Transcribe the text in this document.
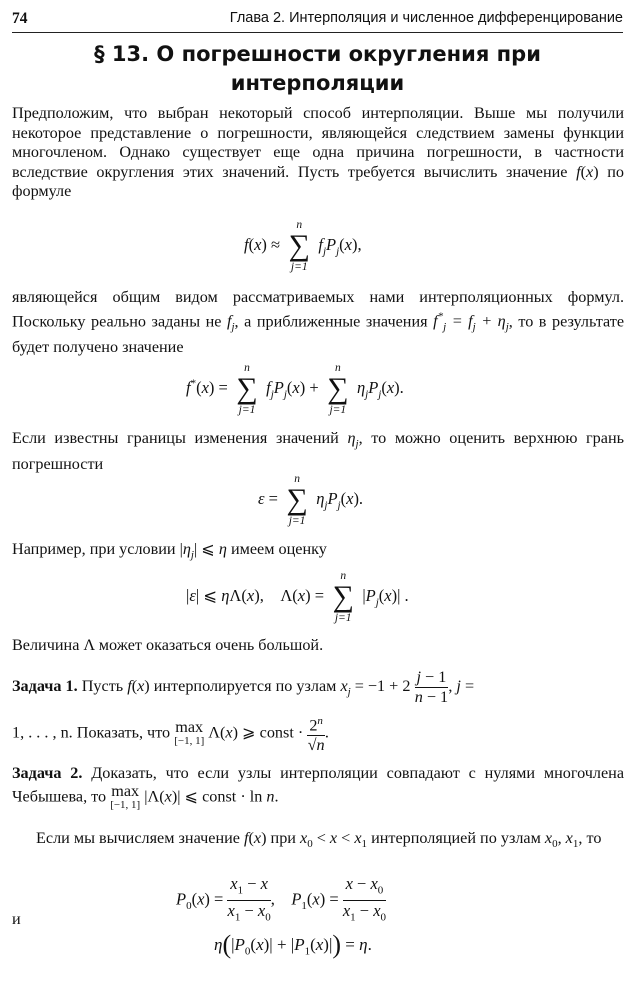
74	Глава 2. Интерполяция и численное дифференцирование
§ 13. О погрешности округления при
интерполяции
Предположим, что выбран некоторый способ интерполяции. Выше мы получили некоторое представление о погрешности, являющейся следствием замены функции многочленом. Однако существует еще одна причина погрешности, в частности вследствие округления этих значений. Пусть требуется вычислить значение f(x) по формуле
f(x) ≈
n
∑
j=1
$f_jP_j(x)$,
являющейся общим видом рассматриваемых нами интерполяционных формул. Поскольку реально заданы не $f_j$, а приближенные значения $f^*_j = f_j + \eta_j$, то в результате будет получено значение
f*(x) =
n
∑
j=1
$f_jP_j(x)$ +
n
∑
j=1
$\eta_jP_j(x)$.
Если известны границы изменения значений $\eta_j$, то можно оценить верхнюю грань погрешности
ε =
n
∑
j=1
$\eta_jP_j(x)$.
Например, при условии $|\eta_j|$ ⩽ η имеем оценку
|ε| ⩽ ηΛ(x),    Λ(x) =
n
∑
j=1
$|P_j(x)|$ .
Величина Λ может оказаться очень большой.
Задача 1. Пусть f(x) интерполируется по узлам $x_j = -1 + 2 \frac{j - 1}{n - 1}$ , j =
1, . . . , n. Показать, что max
[−1, 1] Λ(x) ⩾ const · $\frac{2^n}{√n}$ .
Задача 2. Доказать, что если узлы интерполяции совпадают с нулями многочлена Чебышева, то max
[−1, 1] |Λ(x)| ⩽ const · ln n.
Если мы вычисляем значение f(x) при $x_0 < x < x_1$ интерполяцией по узлам $x_0$, $x_1$, то
$P_0(x) = \frac{x_1 - x}{x_1 - x_0}$ ,    $P_1(x) = \frac{x - x_0}{x_1 - x_0}$
и
$\eta(|P_0(x)| + |P_1(x)|) = \eta$.
